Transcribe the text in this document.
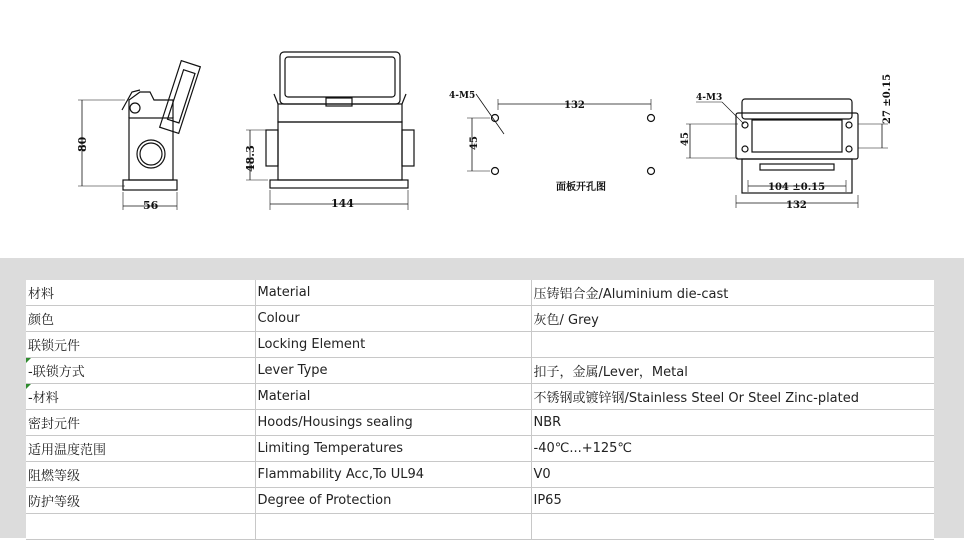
80
56
48.3
144
4-M5
132
45
面板开孔图
4-M3
132
104 ±0.15
45
27 ±0.15
材料	Material	压铸铝合金/Aluminium die-cast
颜色	Colour	灰色/ Grey
联锁元件	Locking Element	
-联锁方式	Lever Type	扣子，金属/Lever，Metal
-材料	Material	不锈钢或镀锌钢/Stainless Steel Or Steel Zinc-plated
密封元件	Hoods/Housings sealing	NBR
适用温度范围	Limiting Temperatures	-40℃...+125℃
阻燃等级	Flammability Acc,To UL94	V0
防护等级	Degree of Protection	IP65
